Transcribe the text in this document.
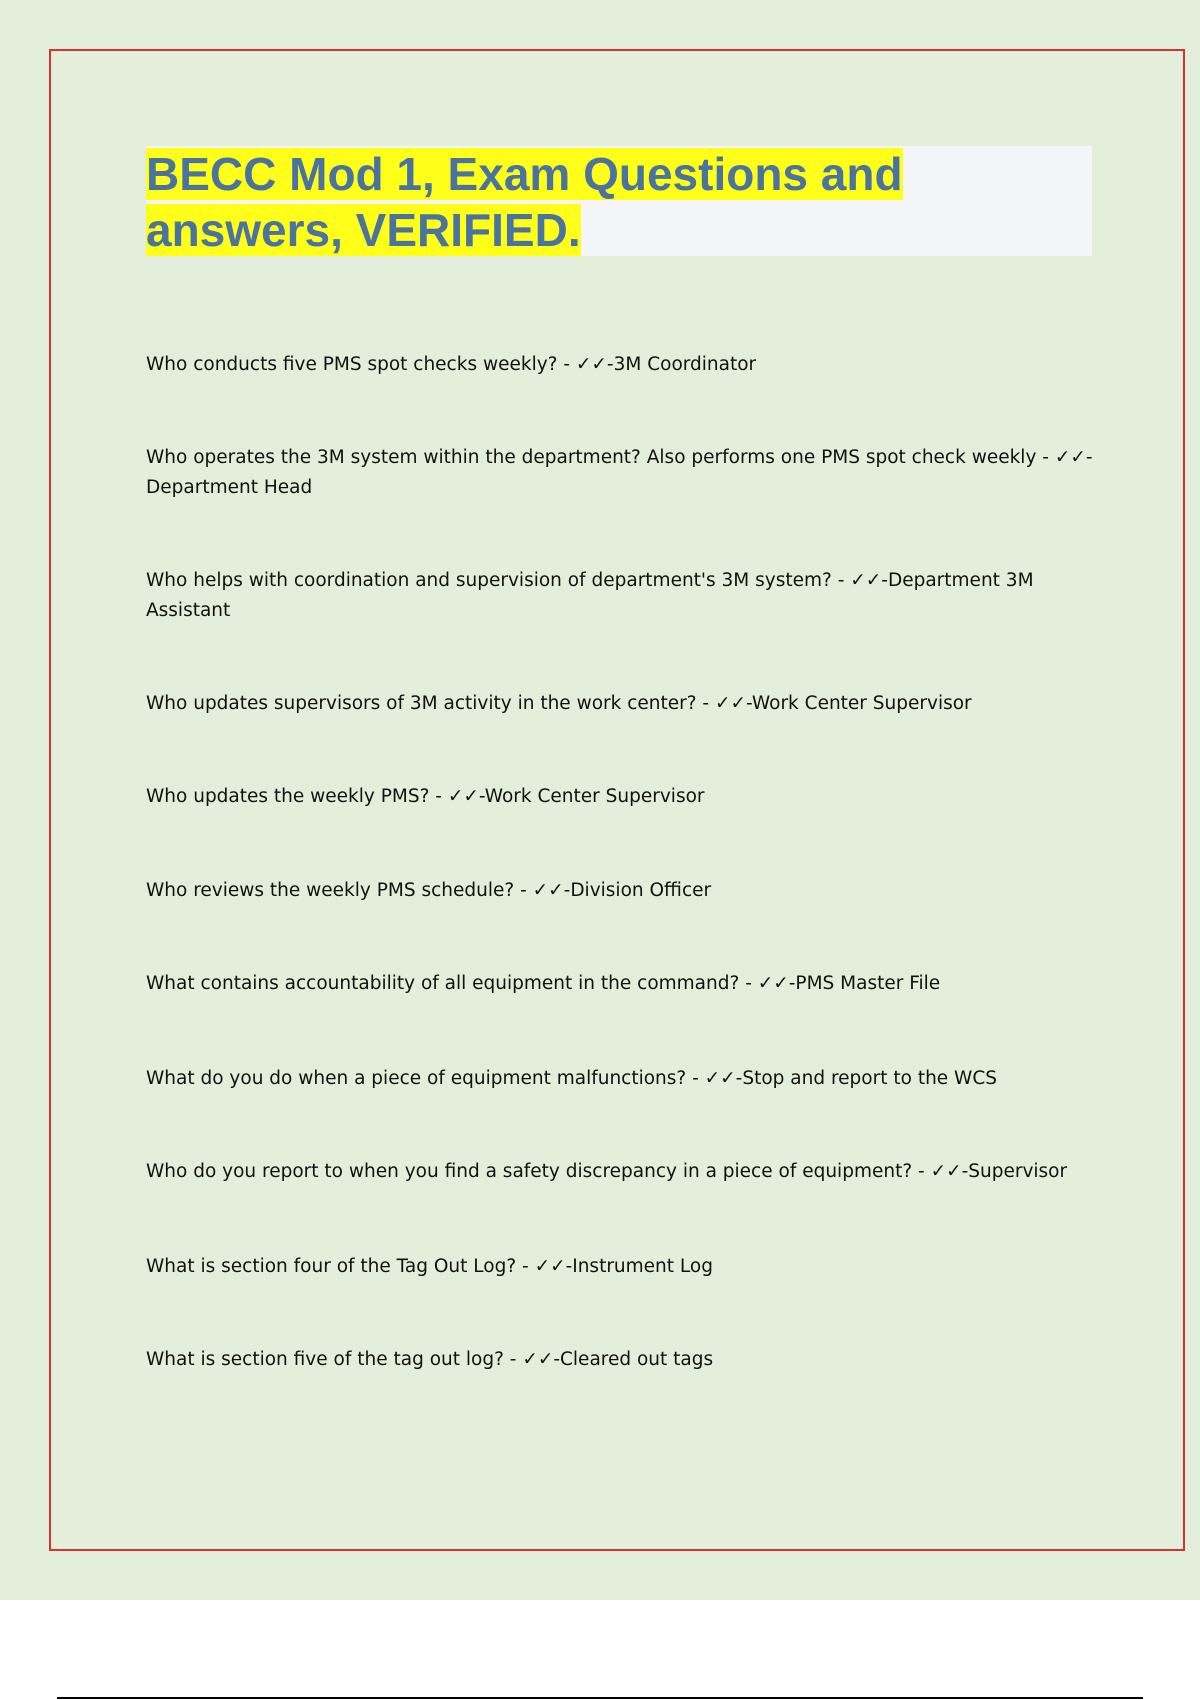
BECC Mod 1, Exam Questions and answers, VERIFIED.

Who conducts five PMS spot checks weekly? - ✓✓-3M Coordinator

Who operates the 3M system within the department? Also performs one PMS spot check weekly - ✓✓-Department Head

Who helps with coordination and supervision of department's 3M system? - ✓✓-Department 3M Assistant

Who updates supervisors of 3M activity in the work center? - ✓✓-Work Center Supervisor

Who updates the weekly PMS? - ✓✓-Work Center Supervisor

Who reviews the weekly PMS schedule? - ✓✓-Division Officer

What contains accountability of all equipment in the command? - ✓✓-PMS Master File

What do you do when a piece of equipment malfunctions? - ✓✓-Stop and report to the WCS

Who do you report to when you find a safety discrepancy in a piece of equipment? - ✓✓-Supervisor

What is section four of the Tag Out Log? - ✓✓-Instrument Log

What is section five of the tag out log? - ✓✓-Cleared out tags
